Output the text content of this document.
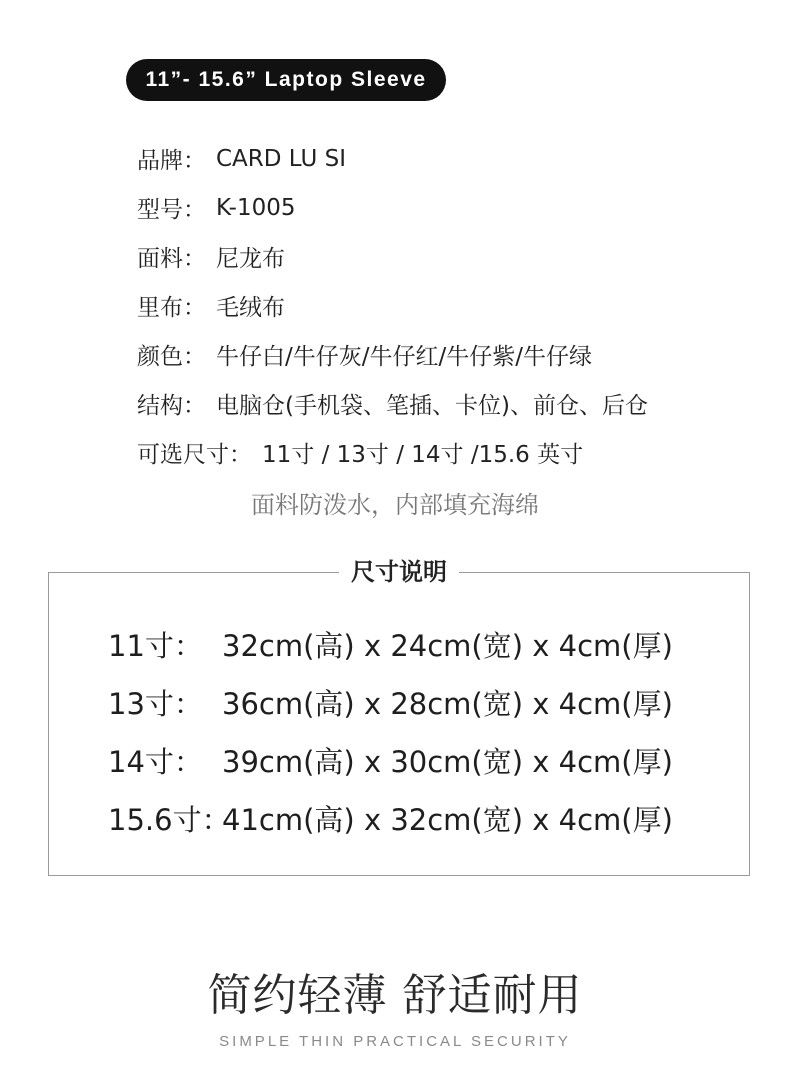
11”- 15.6” Laptop Sleeve
品牌 ： CARD LU SI
型号 ： K-1005
面料 ： 尼龙布
里布 ： 毛绒布
颜色 ： 牛仔白/牛仔灰/牛仔红/牛仔紫/牛仔绿
结构 ： 电脑仓(手机袋、笔插、卡位)、前仓、后仓
可选尺寸 ： 11寸 / 13寸 / 14寸 /15.6 英寸
面料防泼水，内部填充海绵
尺寸说明
11寸： 32cm(高) x 24cm(宽) x 4cm(厚)
13寸： 36cm(高) x 28cm(宽) x 4cm(厚)
14寸： 39cm(高) x 30cm(宽) x 4cm(厚)
15.6寸：
41cm(高) x 32cm(宽) x 4cm(厚)
简约轻薄 舒适耐用
SIMPLE THIN PRACTICAL SECURITY
